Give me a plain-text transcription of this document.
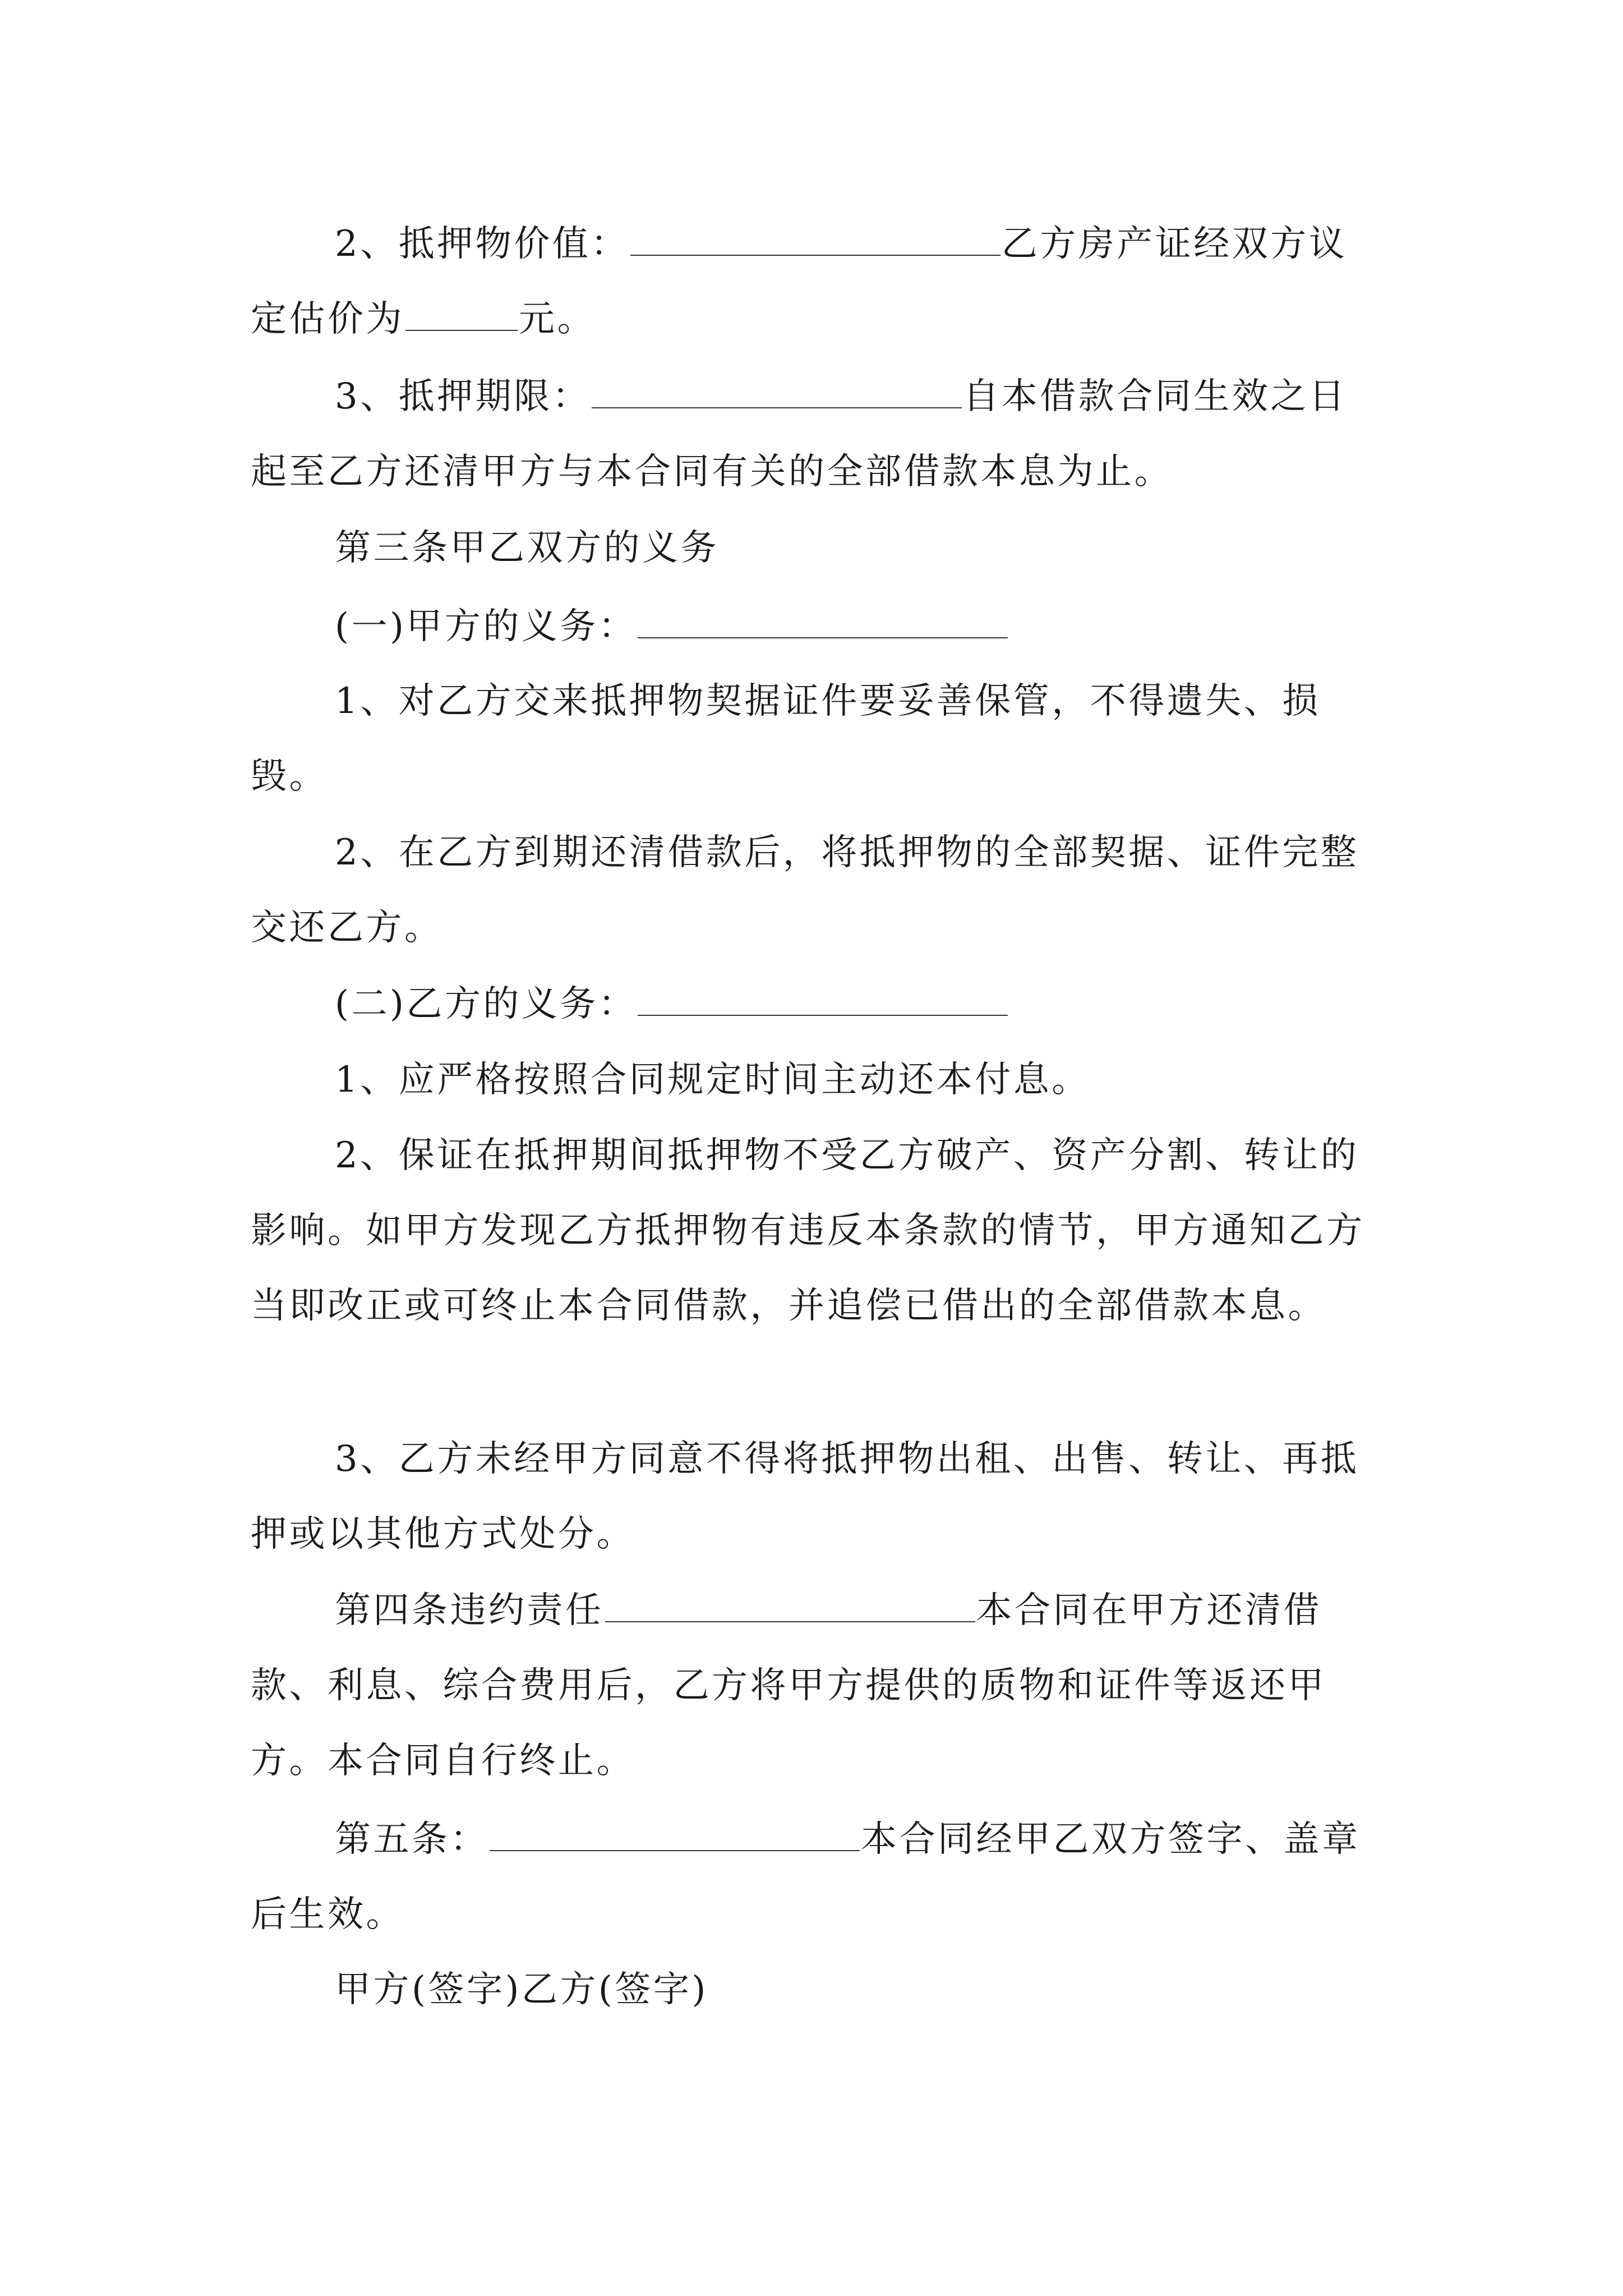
2、抵押物价值：	乙方房产证经双方议定估价为	元。

3、抵押期限：	自本借款合同生效之日起至乙方还清甲方与本合同有关的全部借款本息为止。

第三条甲乙双方的义务

(一)甲方的义务：

1、对乙方交来抵押物契据证件要妥善保管，不得遗失、损毁。

2、在乙方到期还清借款后，将抵押物的全部契据、证件完整交还乙方。

(二)乙方的义务：

1、应严格按照合同规定时间主动还本付息。

2、保证在抵押期间抵押物不受乙方破产、资产分割、转让的影响。如甲方发现乙方抵押物有违反本条款的情节，甲方通知乙方当即改正或可终止本合同借款，并追偿已借出的全部借款本息。

3、乙方未经甲方同意不得将抵押物出租、出售、转让、再抵押或以其他方式处分。

第四条违约责任	本合同在甲方还清借款、利息、综合费用后，乙方将甲方提供的质物和证件等返还甲方。本合同自行终止。

第五条：	本合同经甲乙双方签字、盖章后生效。

甲方(签字)乙方(签字)
